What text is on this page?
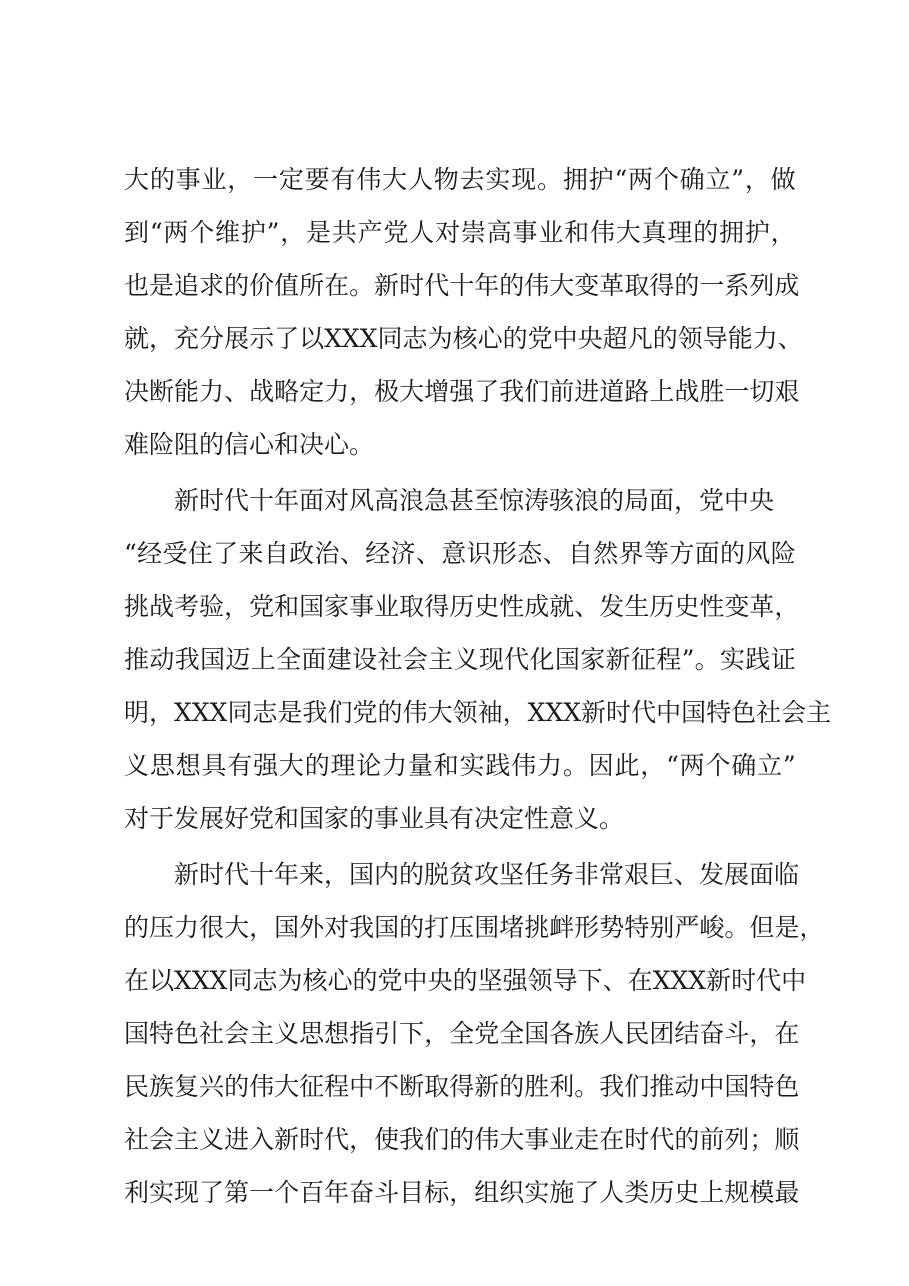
大 的 事 业 ， 一 定 要 有 伟 大 人 物 去 实 现 。 拥 护 “ 两 个 确 立 ” ， 做
到 “ 两 个 维 护 ” ， 是 共 产 党 人 对 崇 高 事 业 和 伟 大 真 理 的 拥 护 ，
也 是 追 求 的 价 值 所 在 。 新 时 代 十 年 的 伟 大 变 革 取 得 的 一 系 列 成
就 ， 充 分 展 示 了 以 XXX 同 志 为 核 心 的 党 中 央 超 凡 的 领 导 能 力 、
决 断 能 力 、 战 略 定 力 ， 极 大 增 强 了 我 们 前 进 道 路 上 战 胜 一 切 艰
难险阻的信心和决心。
新时代十年面对风高浪急甚至惊涛骇浪的局面，党中央
“ 经 受 住 了 来 自 政 治 、 经 济 、 意 识 形 态 、 自 然 界 等 方 面 的 风 险
挑 战 考 验 ， 党 和 国 家 事 业 取 得 历 史 性 成 就 、 发 生 历 史 性 变 革 ，
推 动 我 国 迈 上 全 面 建 设 社 会 主 义 现 代 化 国 家 新 征 程 ” 。 实 践 证
明 ， XXX 同 志 是 我 们 党 的 伟 大 领 袖 ， XXX 新 时 代 中 国 特 色 社 会 主
义 思 想 具 有 强 大 的 理 论 力 量 和 实 践 伟 力 。 因 此 ， “ 两 个 确 立 ”
对于发展好党和国家的事业具有决定性意义。
新时代十年来，国内的脱贫攻坚任务非常艰巨、发展面临
的 压 力 很 大 ， 国 外 对 我 国 的 打 压 围 堵 挑 衅 形 势 特 别 严 峻 。 但 是 ，
在 以 XXX 同 志 为 核 心 的 党 中 央 的 坚 强 领 导 下 、 在 XXX 新 时 代 中
国 特 色 社 会 主 义 思 想 指 引 下 ， 全 党 全 国 各 族 人 民 团 结 奋 斗 ， 在
民 族 复 兴 的 伟 大 征 程 中 不 断 取 得 新 的 胜 利 。 我 们 推 动 中 国 特 色
社 会 主 义 进 入 新 时 代 ， 使 我 们 的 伟 大 事 业 走 在 时 代 的 前 列 ； 顺
利 实 现 了 第 一 个 百 年 奋 斗 目 标 ， 组 织 实 施 了 人 类 历 史 上 规 模 最
